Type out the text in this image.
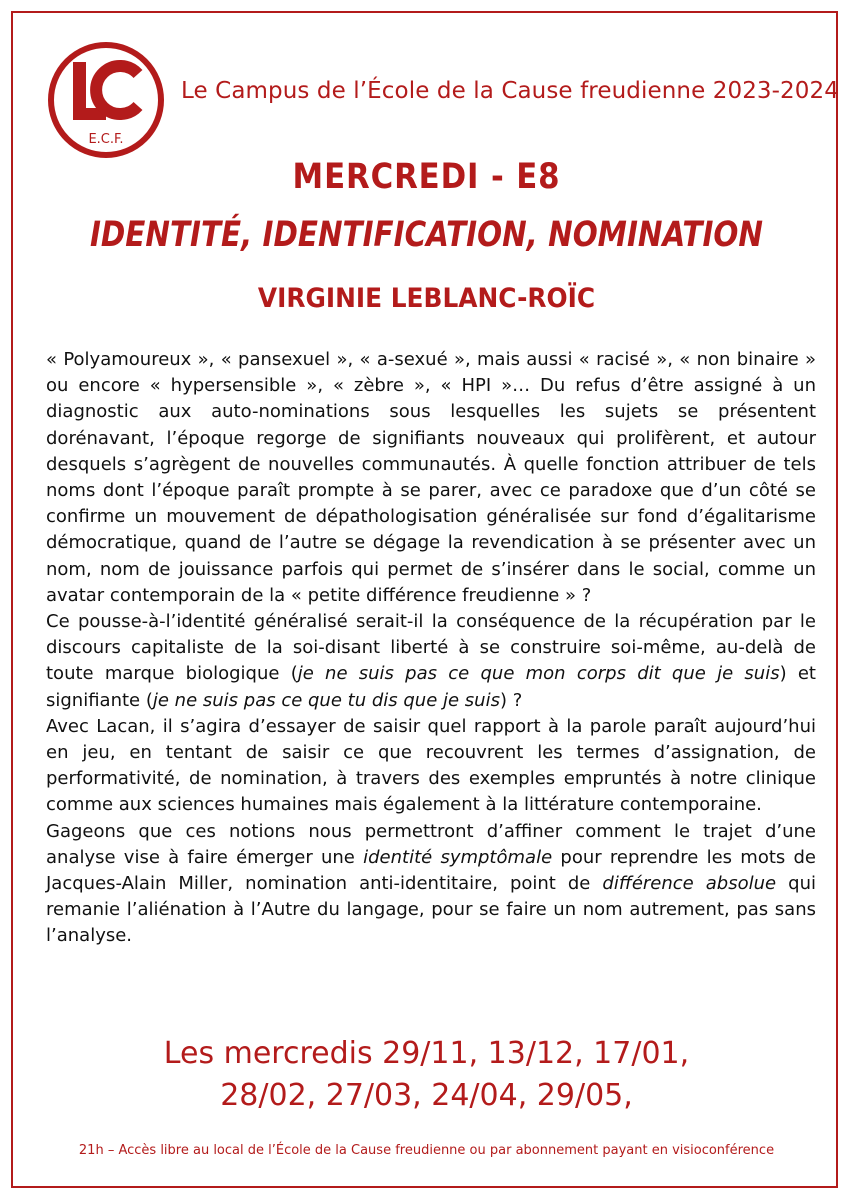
E.C.F.
Le Campus de l’École de la Cause freudienne 2023-2024
MERCREDI - E8
IDENTITÉ, IDENTIFICATION, NOMINATION
VIRGINIE LEBLANC-ROÏC

« Polyamoureux », « pansexuel », « a-sexué », mais aussi « racisé », « non binaire » ou encore « hypersensible », « zèbre », « HPI »… Du refus d’être assigné à un diagnostic aux auto-nominations sous lesquelles les sujets se présentent dorénavant, l’époque regorge de signifiants nouveaux qui prolifèrent, et autour desquels s’agrègent de nouvelles communautés. À quelle fonction attribuer de tels noms dont l’époque paraît prompte à se parer, avec ce paradoxe que d’un côté se confirme un mouvement de dépathologisation généralisée sur fond d’égalitarisme démocratique, quand de l’autre se dégage la revendication à se présenter avec un nom, nom de jouissance parfois qui permet de s’insérer dans le social, comme un avatar contemporain de la « petite différence freudienne » ?

Ce pousse-à-l’identité généralisé serait-il la conséquence de la récupération par le discours capitaliste de la soi-disant liberté à se construire soi-même, au-delà de toute marque biologique (je ne suis pas ce que mon corps dit que je suis) et signifiante (je ne suis pas ce que tu dis que je suis) ?

Avec Lacan, il s’agira d’essayer de saisir quel rapport à la parole paraît aujourd’hui en jeu, en tentant de saisir ce que recouvrent les termes d’assignation, de performativité, de nomination, à travers des exemples empruntés à notre clinique comme aux sciences humaines mais également à la littérature contemporaine.

Gageons que ces notions nous permettront d’affiner comment le trajet d’une analyse vise à faire émerger une identité symptômale pour reprendre les mots de Jacques-Alain Miller, nomination anti-identitaire, point de différence absolue qui remanie l’aliénation à l’Autre du langage, pour se faire un nom autrement, pas sans l’analyse.

Les mercredis 29/11, 13/12, 17/01,
28/02, 27/03, 24/04, 29/05,
21h – Accès libre au local de l’École de la Cause freudienne ou par abonnement payant en visioconférence
